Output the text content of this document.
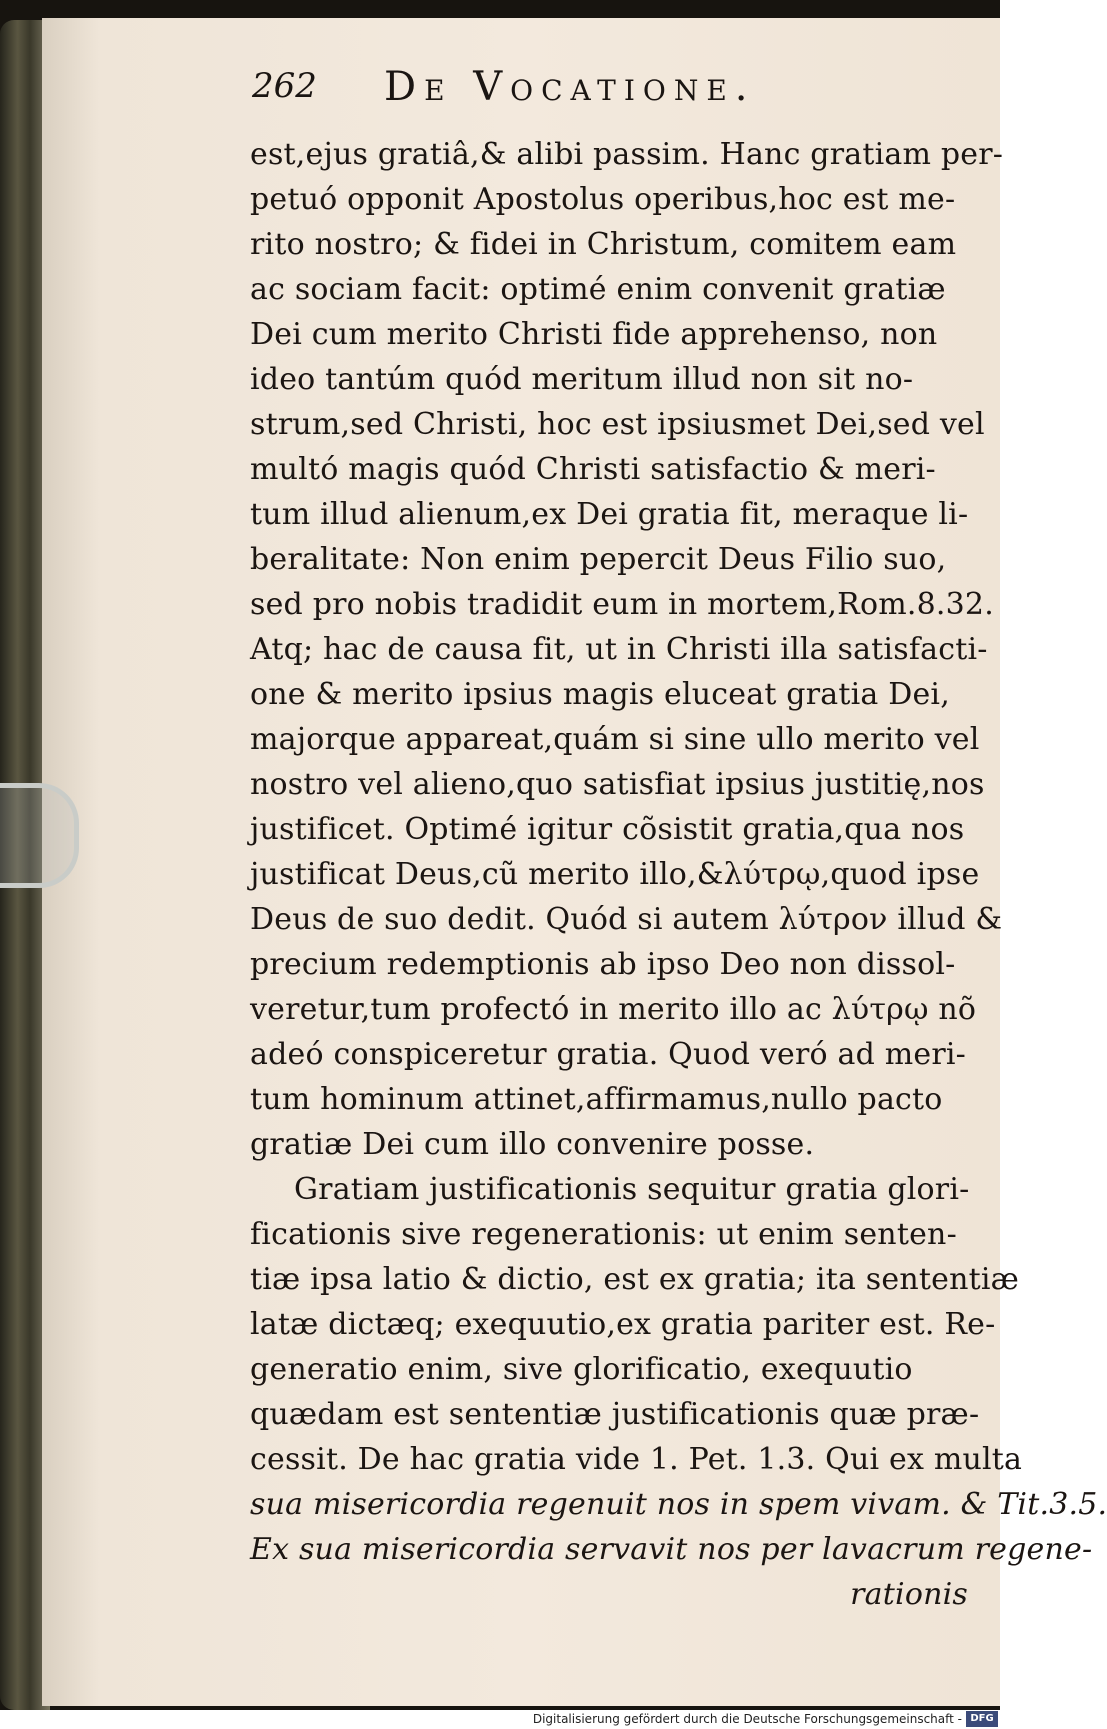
262 De Vocatione.
est,ejus gratiâ,& alibi passim. Hanc gratiam per-
petuó opponit Apostolus operibus,hoc est me-
rito nostro; & fidei in Christum, comitem eam
ac sociam facit: optimé enim convenit gratiæ
Dei cum merito Christi fide apprehenso, non
ideo tantúm quód meritum illud non sit no-
strum,sed Christi, hoc est ipsiusmet Dei,sed vel
multó magis quód Christi satisfactio & meri-
tum illud alienum,ex Dei gratia fit, meraque li-
beralitate: Non enim pepercit Deus Filio suo,
sed pro nobis tradidit eum in mortem,Rom.8.32.
Atq; hac de causa fit, ut in Christi illa satisfacti-
one & merito ipsius magis eluceat gratia Dei,
majorque appareat,quám si sine ullo merito vel
nostro vel alieno,quo satisfiat ipsius justitię,nos
justificet. Optimé igitur cõsistit gratia,qua nos
justificat Deus,cũ merito illo,&λύτρῳ,quod ipse
Deus de suo dedit. Quód si autem λύτρον illud &
precium redemptionis ab ipso Deo non dissol-
veretur,tum profectó in merito illo ac λύτρῳ nõ
adeó conspiceretur gratia. Quod veró ad meri-
tum hominum attinet,affirmamus,nullo pacto
gratiæ Dei cum illo convenire posse.
Gratiam justificationis sequitur gratia glori-
ficationis sive regenerationis: ut enim senten-
tiæ ipsa latio & dictio, est ex gratia; ita sententiæ
latæ dictæq; exequutio,ex gratia pariter est. Re-
generatio enim, sive glorificatio, exequutio
quædam est sententiæ justificationis quæ præ-
cessit. De hac gratia vide 1. Pet. 1.3. Qui ex multa
sua misericordia regenuit nos in spem vivam. & Tit.3.5.
Ex sua misericordia servavit nos per lavacrum regene-
rationis
Digitalisierung gefördert durch die Deutsche Forschungsgemeinschaft - DFG
